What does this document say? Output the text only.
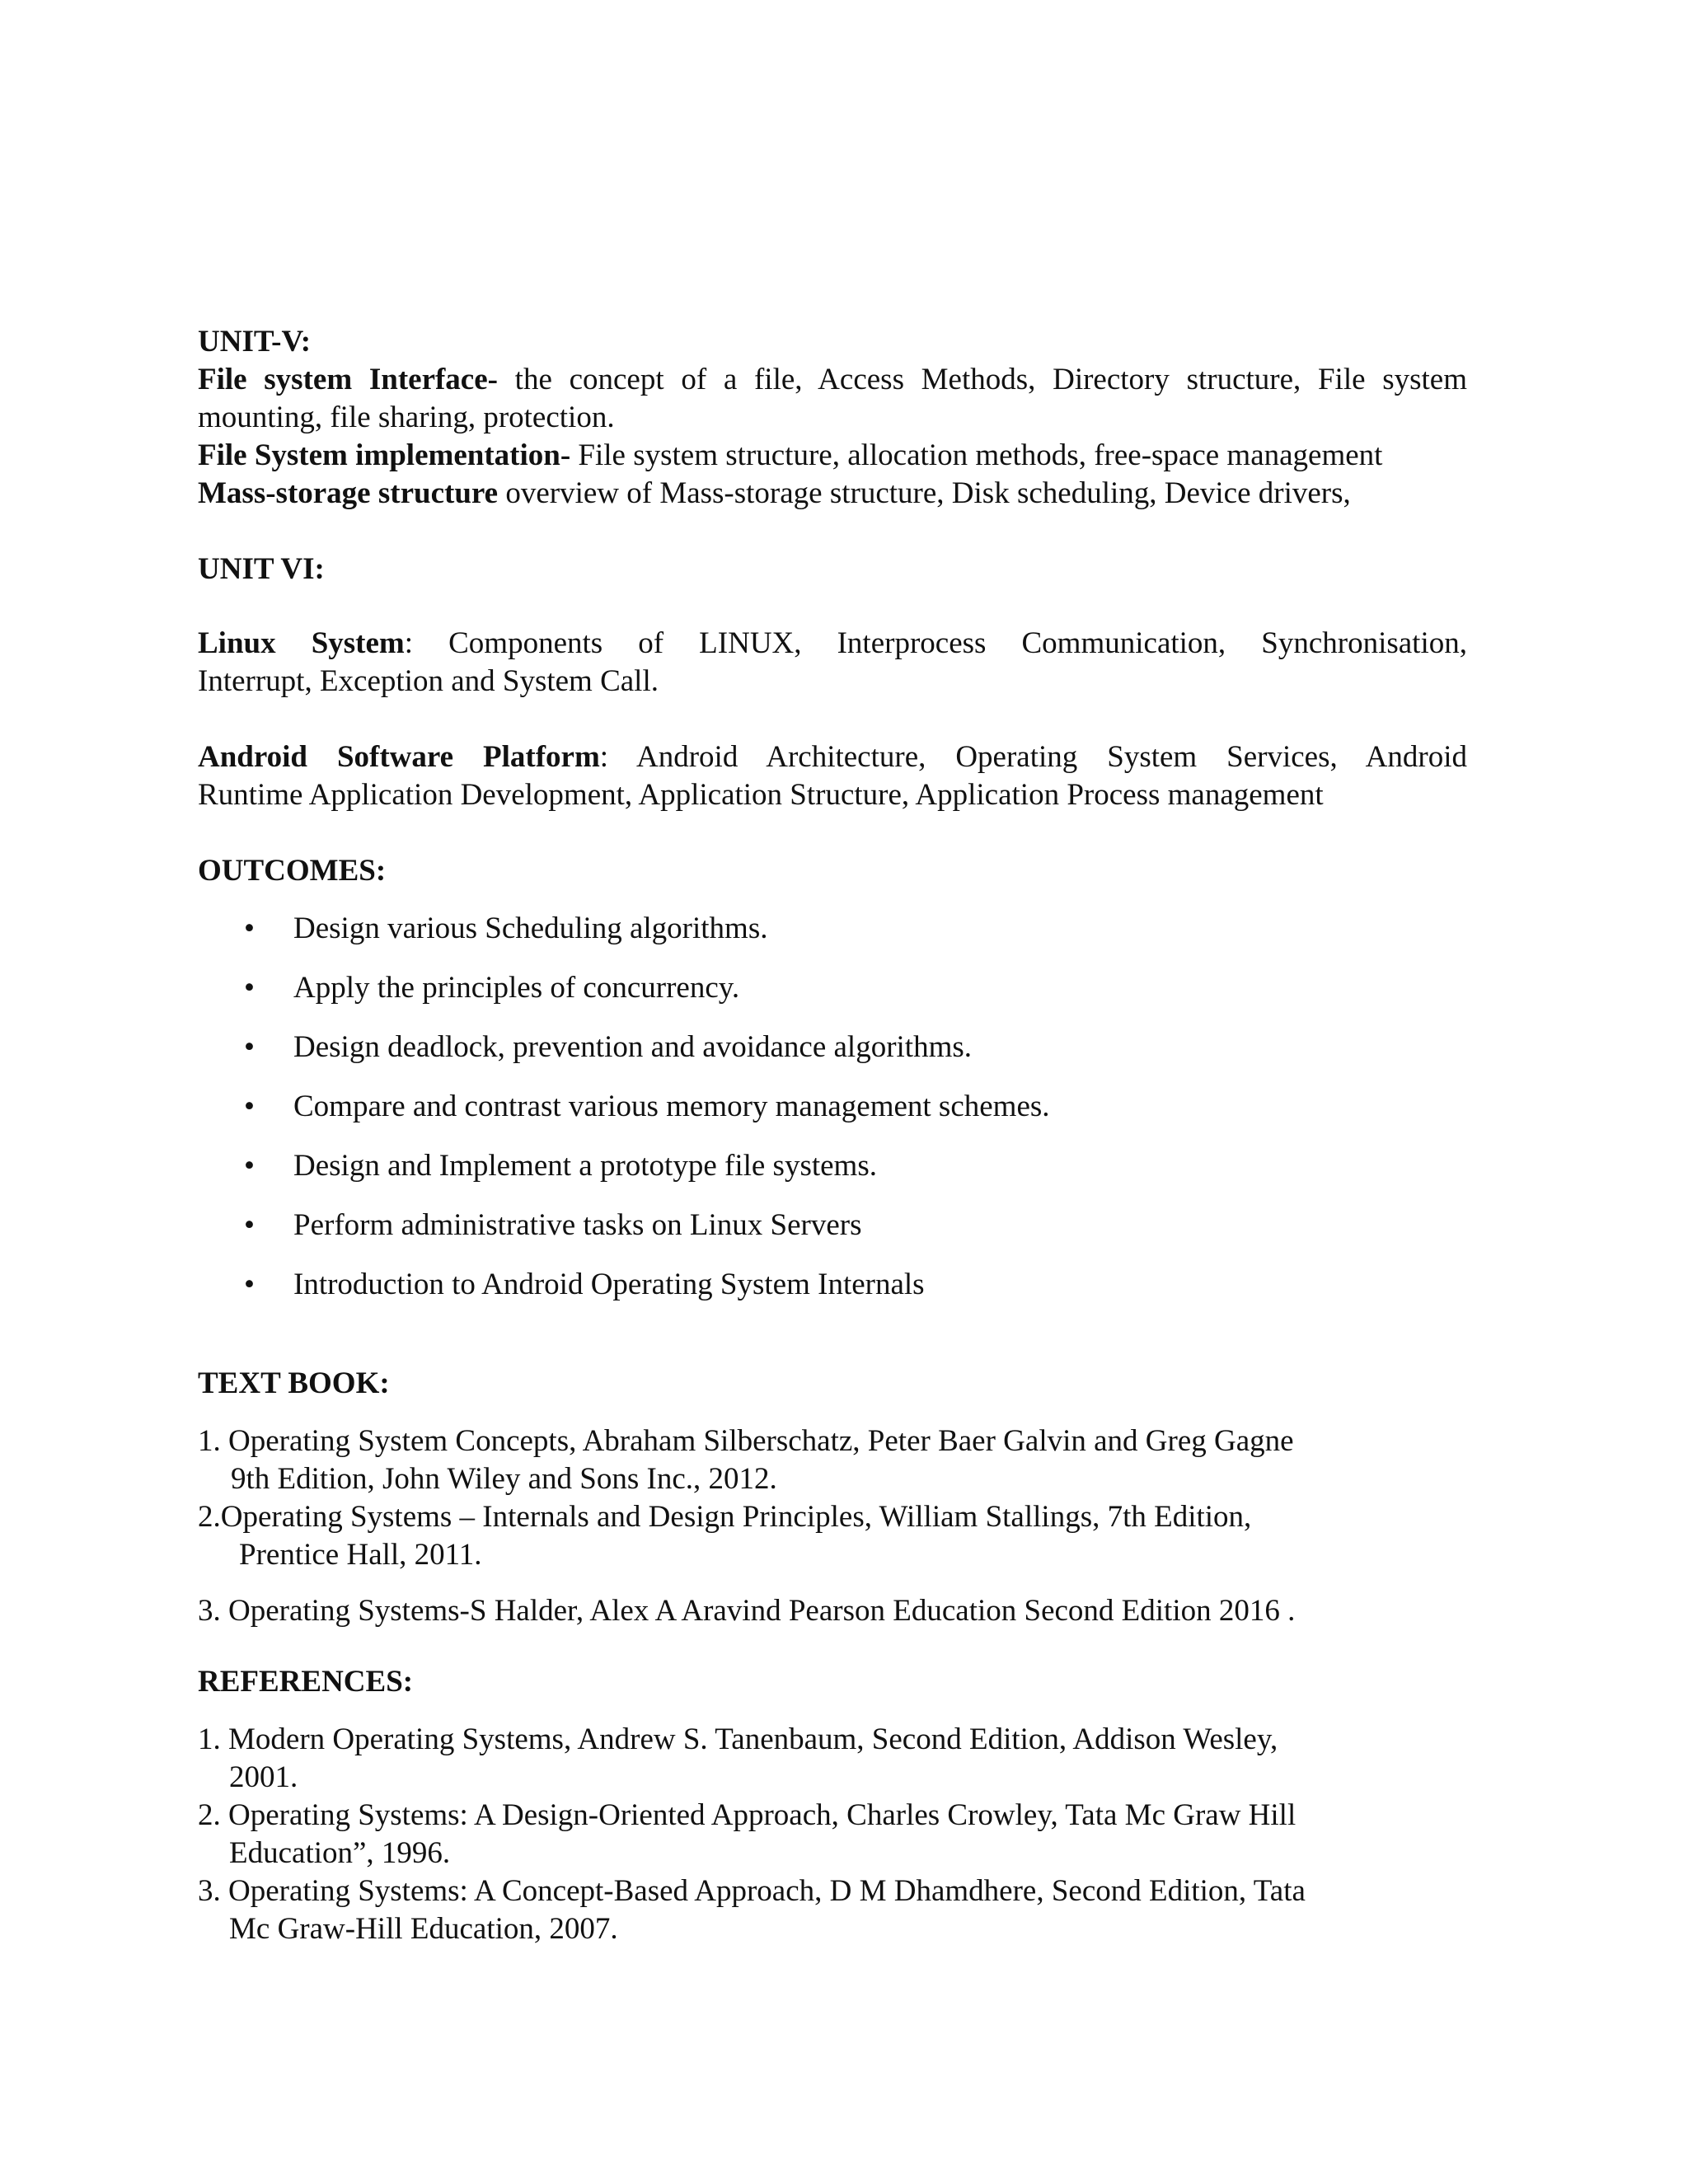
UNIT-V:
File system Interface- the concept of a file, Access Methods, Directory structure, File system
mounting, file sharing, protection.
File System implementation- File system structure, allocation methods, free-space management
Mass-storage structure overview of Mass-storage structure, Disk scheduling, Device drivers,
UNIT VI:
Linux System: Components of LINUX, Interprocess Communication, Synchronisation,
Interrupt, Exception and System Call.
Android Software Platform: Android Architecture, Operating System Services, Android
Runtime Application Development, Application Structure, Application Process management
OUTCOMES:
• Design various Scheduling algorithms.
• Apply the principles of concurrency.
• Design deadlock, prevention and avoidance algorithms.
• Compare and contrast various memory management schemes.
• Design and Implement a prototype file systems.
• Perform administrative tasks on Linux Servers
• Introduction to Android Operating System Internals
TEXT BOOK:
1. Operating System Concepts, Abraham Silberschatz, Peter Baer Galvin and Greg Gagne
9th Edition, John Wiley and Sons Inc., 2012.
2.Operating Systems – Internals and Design Principles, William Stallings, 7th Edition,
Prentice Hall, 2011.
3. Operating Systems-S Halder, Alex A Aravind Pearson Education Second Edition 2016 .
REFERENCES:
1. Modern Operating Systems, Andrew S. Tanenbaum, Second Edition, Addison Wesley,
2001.
2. Operating Systems: A Design-Oriented Approach, Charles Crowley, Tata Mc Graw Hill
Education”, 1996.
3. Operating Systems: A Concept-Based Approach, D M Dhamdhere, Second Edition, Tata
Mc Graw-Hill Education, 2007.
